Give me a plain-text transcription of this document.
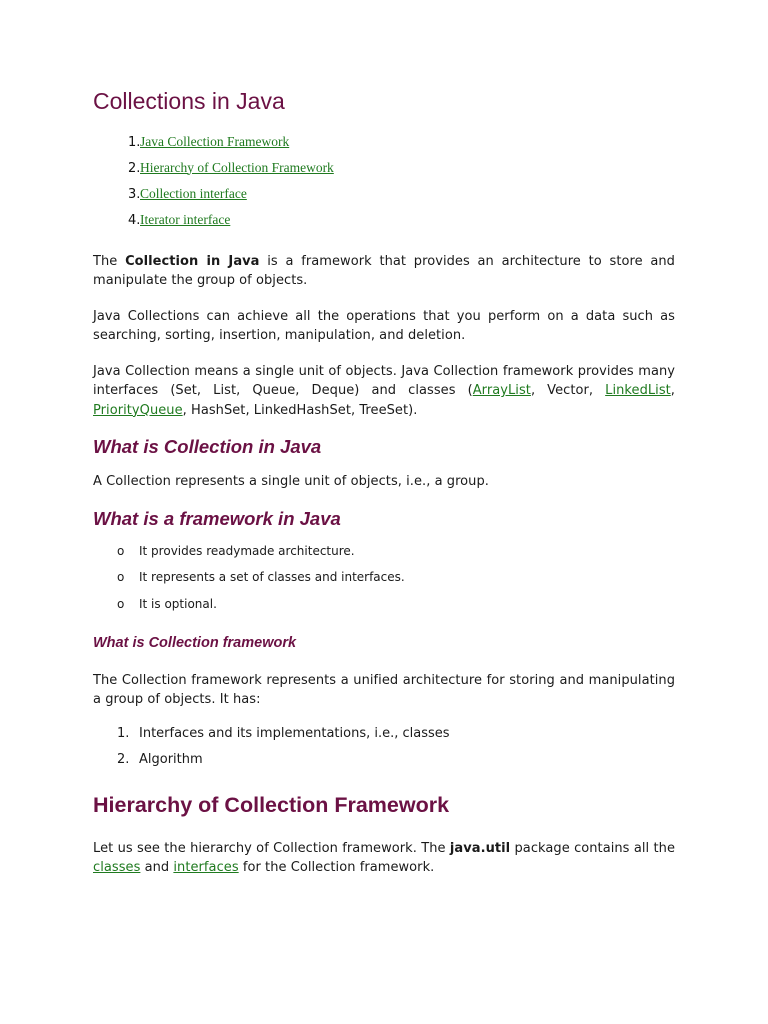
Collections in Java
1. Java Collection Framework
2. Hierarchy of Collection Framework
3. Collection interface
4. Iterator interface

The Collection in Java is a framework that provides an architecture to store and manipulate the group of objects.

Java Collections can achieve all the operations that you perform on a data such as searching, sorting, insertion, manipulation, and deletion.

Java Collection means a single unit of objects. Java Collection framework provides many interfaces (Set, List, Queue, Deque) and classes (ArrayList, Vector, LinkedList, PriorityQueue, HashSet, LinkedHashSet, TreeSet).

What is Collection in Java

A Collection represents a single unit of objects, i.e., a group.

What is a framework in Java
o	It provides readymade architecture.
o	It represents a set of classes and interfaces.
o	It is optional.
What is Collection framework

The Collection framework represents a unified architecture for storing and manipulating a group of objects. It has:

1. Interfaces and its implementations, i.e., classes
2. Algorithm
Hierarchy of Collection Framework

Let us see the hierarchy of Collection framework. The java.util package contains all the classes and interfaces for the Collection framework.
